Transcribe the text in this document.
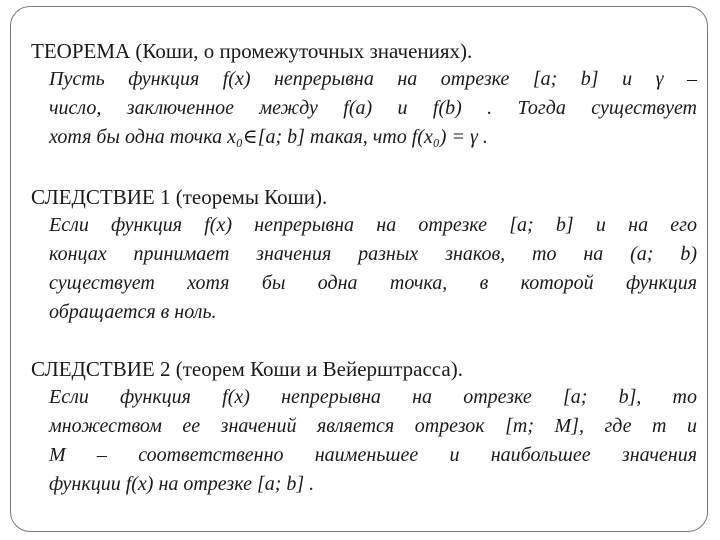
ТЕОРЕМА (Коши, о промежуточных значениях).
Пусть функция f(x) непрерывна на отрезке [a; b] и γ –
число, заключенное между f(a) и f(b) . Тогда существует
хотя бы одна точка x₀∈[a; b] такая, что f(x₀) = γ .
СЛЕДСТВИЕ 1 (теоремы Коши).
Если функция f(x) непрерывна на отрезке [a; b] и на его
концах принимает значения разных знаков, то на (a; b)
существует хотя бы одна точка, в которой функция
обращается в ноль.
СЛЕДСТВИЕ 2 (теорем Коши и Вейерштрасса).
Если функция f(x) непрерывна на отрезке [a; b], то
множеством ее значений является отрезок [m; M], где m и
M – соответственно наименьшее и наибольшее значения
функции f(x) на отрезке [a; b] .
